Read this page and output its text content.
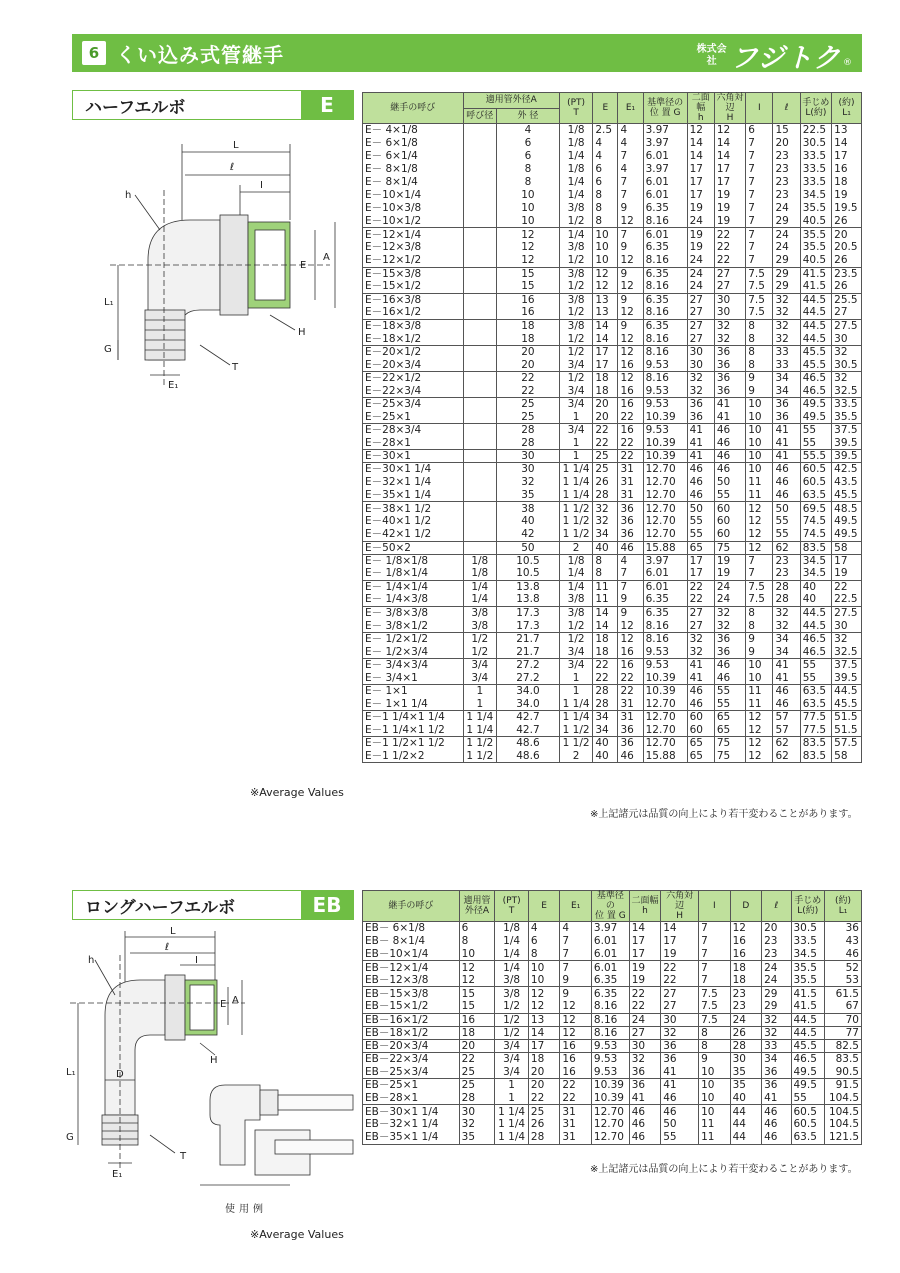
6 くい込み式管継手	株式会社 フジトク ®
ハーフエルボ	E
L
ℓ
I
h
E
A
L₁
G
H
T
E₁
継手の呼び	適用管外径A		(PT)
T	E	E₁	基準径の
位 置 G	二面幅
h	六角対辺
H	I	ℓ	手じめ
L(約)	(約)
L₁
	呼び径	外 径										
E－ 4×1/8		4	1/8	2.5	4	3.97	12	12	6	15	22.5	13
E－ 6×1/8		6	1/8	4	4	3.97	14	14	7	20	30.5	14
E－ 6×1/4		6	1/4	4	7	6.01	14	14	7	23	33.5	17
E－ 8×1/8		8	1/8	6	4	3.97	17	17	7	23	33.5	16
E－ 8×1/4		8	1/4	6	7	6.01	17	17	7	23	33.5	18
E－10×1/4		10	1/4	8	7	6.01	17	19	7	23	34.5	19
E－10×3/8		10	3/8	8	9	6.35	19	19	7	24	35.5	19.5
E－10×1/2		10	1/2	8	12	8.16	24	19	7	29	40.5	26
E－12×1/4		12	1/4	10	7	6.01	19	22	7	24	35.5	20
E－12×3/8		12	3/8	10	9	6.35	19	22	7	24	35.5	20.5
E－12×1/2		12	1/2	10	12	8.16	24	22	7	29	40.5	26
E－15×3/8		15	3/8	12	9	6.35	24	27	7.5	29	41.5	23.5
E－15×1/2		15	1/2	12	12	8.16	24	27	7.5	29	41.5	26
E－16×3/8		16	3/8	13	9	6.35	27	30	7.5	32	44.5	25.5
E－16×1/2		16	1/2	13	12	8.16	27	30	7.5	32	44.5	27
E－18×3/8		18	3/8	14	9	6.35	27	32	8	32	44.5	27.5
E－18×1/2		18	1/2	14	12	8.16	27	32	8	32	44.5	30
E－20×1/2		20	1/2	17	12	8.16	30	36	8	33	45.5	32
E－20×3/4		20	3/4	17	16	9.53	30	36	8	33	45.5	30.5
E－22×1/2		22	1/2	18	12	8.16	32	36	9	34	46.5	32
E－22×3/4		22	3/4	18	16	9.53	32	36	9	34	46.5	32.5
E－25×3/4		25	3/4	20	16	9.53	36	41	10	36	49.5	33.5
E－25×1		25	1	20	22	10.39	36	41	10	36	49.5	35.5
E－28×3/4		28	3/4	22	16	9.53	41	46	10	41	55	37.5
E－28×1		28	1	22	22	10.39	41	46	10	41	55	39.5
E－30×1		30	1	25	22	10.39	41	46	10	41	55.5	39.5
E－30×1 1/4		30	1 1/4	25	31	12.70	46	46	10	46	60.5	42.5
E－32×1 1/4		32	1 1/4	26	31	12.70	46	50	11	46	60.5	43.5
E－35×1 1/4		35	1 1/4	28	31	12.70	46	55	11	46	63.5	45.5
E－38×1 1/2		38	1 1/2	32	36	12.70	50	60	12	50	69.5	48.5
E－40×1 1/2		40	1 1/2	32	36	12.70	55	60	12	55	74.5	49.5
E－42×1 1/2		42	1 1/2	34	36	12.70	55	60	12	55	74.5	49.5
E－50×2		50	2	40	46	15.88	65	75	12	62	83.5	58
E－ 1/8×1/8	1/8	10.5	1/8	8	4	3.97	17	19	7	23	34.5	17
E－ 1/8×1/4	1/8	10.5	1/4	8	7	6.01	17	19	7	23	34.5	19
E－ 1/4×1/4	1/4	13.8	1/4	11	7	6.01	22	24	7.5	28	40	22
E－ 1/4×3/8	1/4	13.8	3/8	11	9	6.35	22	24	7.5	28	40	22.5
E－ 3/8×3/8	3/8	17.3	3/8	14	9	6.35	27	32	8	32	44.5	27.5
E－ 3/8×1/2	3/8	17.3	1/2	14	12	8.16	27	32	8	32	44.5	30
E－ 1/2×1/2	1/2	21.7	1/2	18	12	8.16	32	36	9	34	46.5	32
E－ 1/2×3/4	1/2	21.7	3/4	18	16	9.53	32	36	9	34	46.5	32.5
E－ 3/4×3/4	3/4	27.2	3/4	22	16	9.53	41	46	10	41	55	37.5
E－ 3/4×1	3/4	27.2	1	22	22	10.39	41	46	10	41	55	39.5
E－ 1×1	1	34.0	1	28	22	10.39	46	55	11	46	63.5	44.5
E－ 1×1 1/4	1	34.0	1 1/4	28	31	12.70	46	55	11	46	63.5	45.5
E－1 1/4×1 1/4	1 1/4	42.7	1 1/4	34	31	12.70	60	65	12	57	77.5	51.5
E－1 1/4×1 1/2	1 1/4	42.7	1 1/2	34	36	12.70	60	65	12	57	77.5	51.5
E－1 1/2×1 1/2	1 1/2	48.6	1 1/2	40	36	12.70	65	75	12	62	83.5	57.5
E－1 1/2×2	1 1/2	48.6	2	40	46	15.88	65	75	12	62	83.5	58
※上記諸元は品質の向上により若干変わることがあります。
※Average Values
ロングハーフエルボ	EB
L
ℓ
I
h
E A
L₁	D
G
H
T
E₁
使用例
継手の呼び	適用管
外径A	(PT)
T	E	E₁	基準径の
位 置 G	二面幅
h	六角対辺
H	I	D	ℓ	手じめ
L(約)	(約)
L₁
EB－ 6×1/8	6	1/8	4	4	3.97	14	14	7	12	20	30.5	36
EB－ 8×1/4	8	1/4	6	7	6.01	17	17	7	16	23	33.5	43
EB－10×1/4	10	1/4	8	7	6.01	17	19	7	16	23	34.5	46
EB－12×1/4	12	1/4	10	7	6.01	19	22	7	18	24	35.5	52
EB－12×3/8	12	3/8	10	9	6.35	19	22	7	18	24	35.5	53
EB－15×3/8	15	3/8	12	9	6.35	22	27	7.5	23	29	41.5	61.5
EB－15×1/2	15	1/2	12	12	8.16	22	27	7.5	23	29	41.5	67
EB－16×1/2	16	1/2	13	12	8.16	24	30	7.5	24	32	44.5	70
EB－18×1/2	18	1/2	14	12	8.16	27	32	8	26	32	44.5	77
EB－20×3/4	20	3/4	17	16	9.53	30	36	8	28	33	45.5	82.5
EB－22×3/4	22	3/4	18	16	9.53	32	36	9	30	34	46.5	83.5
EB－25×3/4	25	3/4	20	16	9.53	36	41	10	35	36	49.5	90.5
EB－25×1	25	1	20	22	10.39	36	41	10	35	36	49.5	91.5
EB－28×1	28	1	22	22	10.39	41	46	10	40	41	55	104.5
EB－30×1 1/4	30	1 1/4	25	31	12.70	46	46	10	44	46	60.5	104.5
EB－32×1 1/4	32	1 1/4	26	31	12.70	46	50	11	44	46	60.5	104.5
EB－35×1 1/4	35	1 1/4	28	31	12.70	46	55	11	44	46	63.5	121.5
※上記諸元は品質の向上により若干変わることがあります。
※Average Values
